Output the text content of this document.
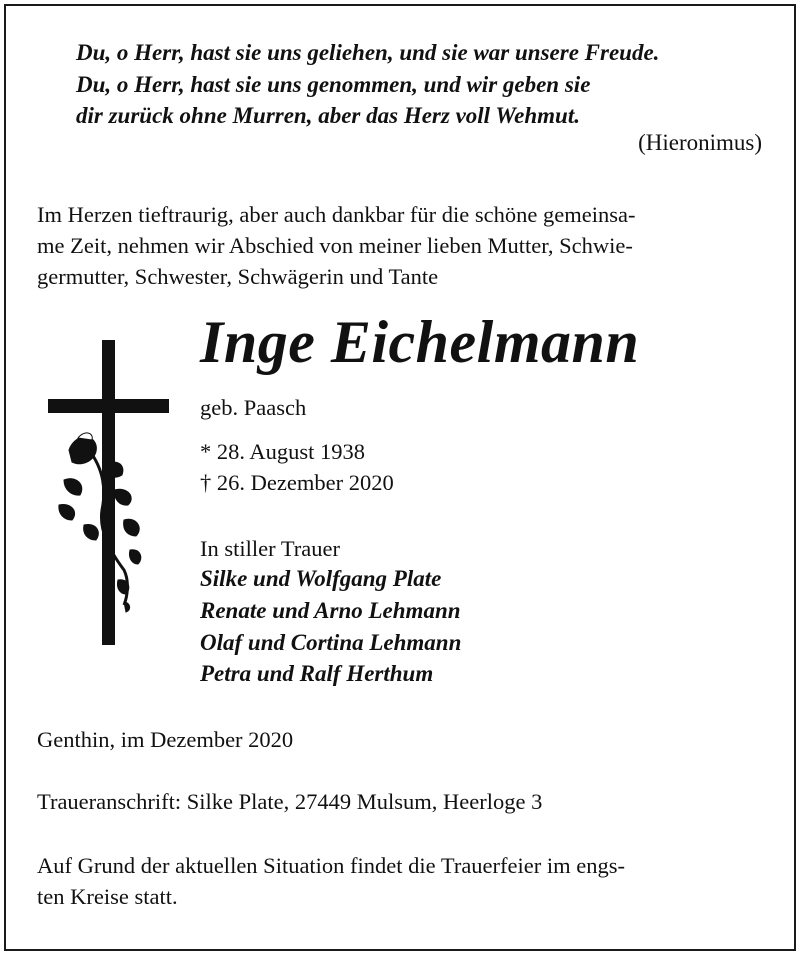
Du, o Herr, hast sie uns geliehen, und sie war unsere Freude.
Du, o Herr, hast sie uns genommen, und wir geben sie
dir zurück ohne Murren, aber das Herz voll Wehmut.
(Hieronimus)
Im Herzen tieftraurig, aber auch dankbar für die schöne gemeinsa-
me Zeit, nehmen wir Abschied von meiner lieben Mutter, Schwie-
germutter, Schwester, Schwägerin und Tante
Inge Eichelmann
geb. Paasch
* 28. August 1938
† 26. Dezember 2020
In stiller Trauer
Silke und Wolfgang Plate
Renate und Arno Lehmann
Olaf und Cortina Lehmann
Petra und Ralf Herthum
Genthin, im Dezember 2020
Traueranschrift: Silke Plate, 27449 Mulsum, Heerloge 3
Auf Grund der aktuellen Situation findet die Trauerfeier im engs-
ten Kreise statt.
